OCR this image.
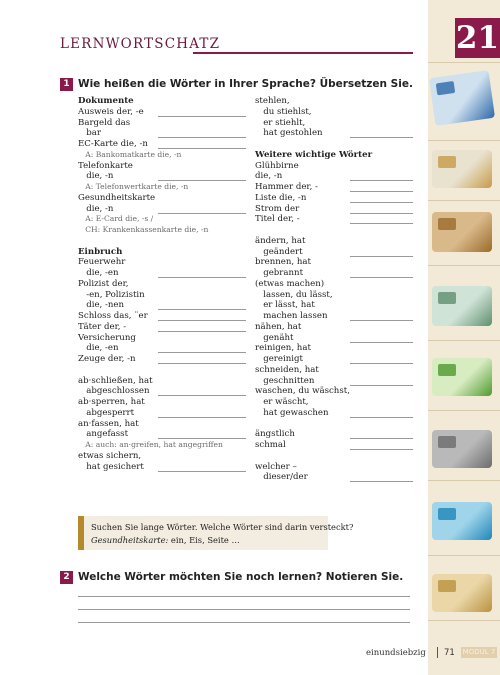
21
LERNWORTSCHATZ
1 Wie heißen die Wörter in Ihrer Sprache? Übersetzen Sie.
Dokumente
Ausweis der, -e
Bargeld das
bar
EC-Karte die, -n
A: Bankomatkarte die, -n
Telefonkarte
die, -n
A: Telefonwertkarte die, -n
Gesundheitskarte
die, -n
A: E-Card die, -s /
CH: Krankenkassenkarte die, -n
Einbruch
Feuerwehr
die, -en
Polizist der,
-en, Polizistin
die, -nen
Schloss das, ¨er
Täter der, -
Versicherung
die, -en
Zeuge der, -n
ab·schließen, hat
abgeschlossen
ab·sperren, hat
abgesperrt
an·fassen, hat
angefasst
A: auch: an·greifen, hat angegriffen
etwas sichern,
hat gesichert
stehlen,
du stiehlst,
er stiehlt,
hat gestohlen
Weitere wichtige Wörter
Glühbirne
die, -n
Hammer der, -
Liste die, -n
Strom der
Titel der, -
ändern, hat
geändert
brennen, hat
gebrannt
(etwas machen)
lassen, du lässt,
er lässt, hat
machen lassen
nähen, hat
genäht
reinigen, hat
gereinigt
schneiden, hat
geschnitten
waschen, du wäschst,
er wäscht,
hat gewaschen
ängstlich
schmal
welcher –
dieser/der
Suchen Sie lange Wörter. Welche Wörter sind darin versteckt?
Gesundheitskarte: ein, Eis, Seite …
2 Welche Wörter möchten Sie noch lernen? Notieren Sie.
einundsiebzig 71 MODUL 7
